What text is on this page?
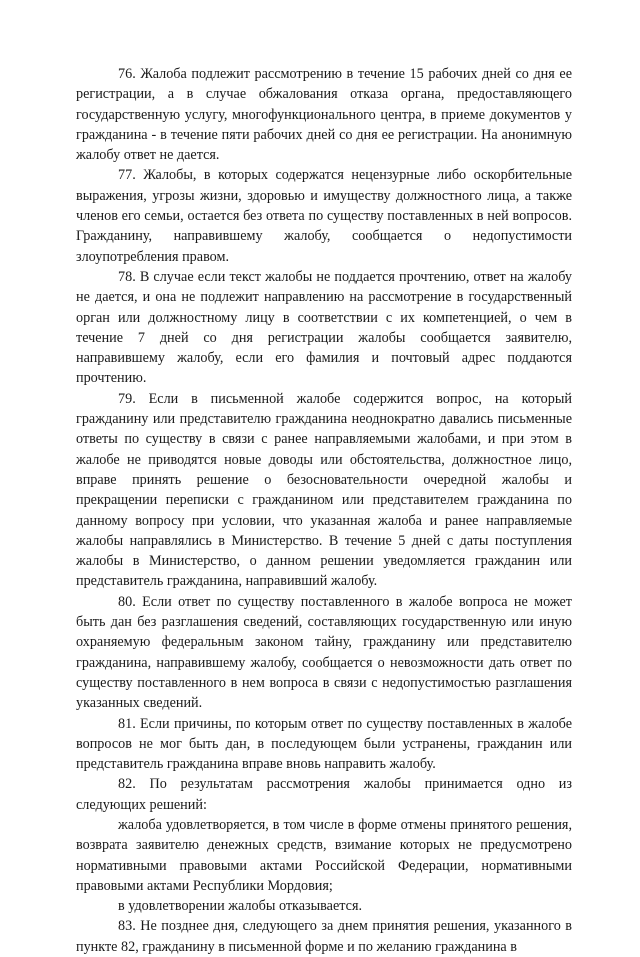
76. Жалоба подлежит рассмотрению в течение 15 рабочих дней со дня ее регистрации, а в случае обжалования отказа органа, предоставляющего государственную услугу, многофункционального центра, в приеме документов у гражданина - в течение пяти рабочих дней со дня ее регистрации. На анонимную жалобу ответ не дается.

77. Жалобы, в которых содержатся нецензурные либо оскорбительные выражения, угрозы жизни, здоровью и имуществу должностного лица, а также членов его семьи, остается без ответа по существу поставленных в ней вопросов. Гражданину, направившему жалобу, сообщается о недопустимости злоупотребления правом.

78. В случае если текст жалобы не поддается прочтению, ответ на жалобу не дается, и она не подлежит направлению на рассмотрение в государственный орган или должностному лицу в соответствии с их компетенцией, о чем в течение 7 дней со дня регистрации жалобы сообщается заявителю, направившему жалобу, если его фамилия и почтовый адрес поддаются прочтению.

79. Если в письменной жалобе содержится вопрос, на который гражданину или представителю гражданина неоднократно давались письменные ответы по существу в связи с ранее направляемыми жалобами, и при этом в жалобе не приводятся новые доводы или обстоятельства, должностное лицо, вправе принять решение о безосновательности очередной жалобы и прекращении переписки с гражданином или представителем гражданина по данному вопросу при условии, что указанная жалоба и ранее направляемые жалобы направлялись в Министерство. В течение 5 дней с даты поступления жалобы в Министерство, о данном решении уведомляется гражданин или представитель гражданина, направивший жалобу.

80. Если ответ по существу поставленного в жалобе вопроса не может быть дан без разглашения сведений, составляющих государственную или иную охраняемую федеральным законом тайну, гражданину или представителю гражданина, направившему жалобу, сообщается о невозможности дать ответ по существу поставленного в нем вопроса в связи с недопустимостью разглашения указанных сведений.

81. Если причины, по которым ответ по существу поставленных в жалобе вопросов не мог быть дан, в последующем были устранены, гражданин или представитель гражданина вправе вновь направить жалобу.

82. По результатам рассмотрения жалобы принимается одно из следующих решений:

жалоба удовлетворяется, в том числе в форме отмены принятого решения, возврата заявителю денежных средств, взимание которых не предусмотрено нормативными правовыми актами Российской Федерации, нормативными правовыми актами Республики Мордовия;

в удовлетворении жалобы отказывается.

83. Не позднее дня, следующего за днем принятия решения, указанного в пункте 82, гражданину в письменной форме и по желанию гражданина в
